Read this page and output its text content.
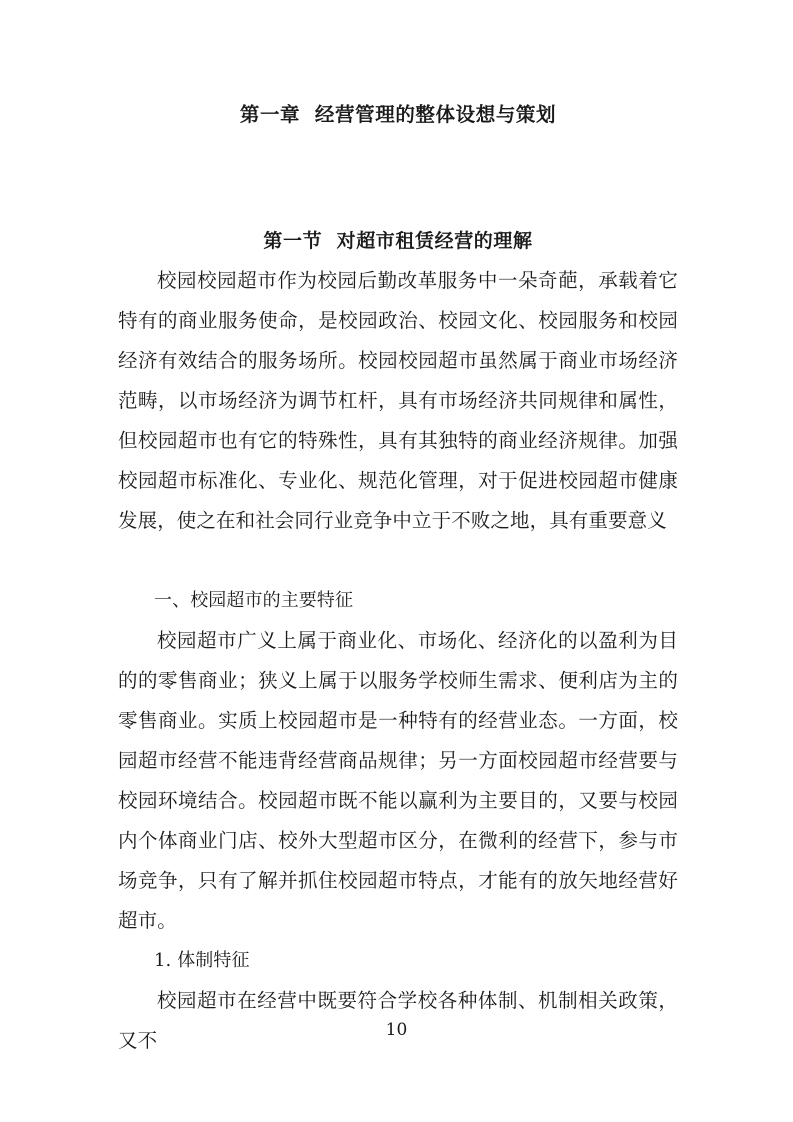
第一章  经营管理的整体设想与策划
第一节  对超市租赁经营的理解

校园校园超市作为校园后勤改革服务中一朵奇葩，承载着它特有的商业服务使命，是校园政治、校园文化、校园服务和校园经济有效结合的服务场所。校园校园超市虽然属于商业市场经济范畴，以市场经济为调节杠杆，具有市场经济共同规律和属性，但校园超市也有它的特殊性，具有其独特的商业经济规律。加强校园超市标准化、专业化、规范化管理，对于促进校园超市健康发展，使之在和社会同行业竞争中立于不败之地，具有重要意义

一、校园超市的主要特征

校园超市广义上属于商业化、市场化、经济化的以盈利为目的的零售商业；狭义上属于以服务学校师生需求、便利店为主的零售商业。实质上校园超市是一种特有的经营业态。一方面，校园超市经营不能违背经营商品规律；另一方面校园超市经营要与校园环境结合。校园超市既不能以赢利为主要目的，又要与校园内个体商业门店、校外大型超市区分，在微利的经营下，参与市场竞争，只有了解并抓住校园超市特点，才能有的放矢地经营好超市。

1. 体制特征

校园超市在经营中既要符合学校各种体制、机制相关政策，又不	10
